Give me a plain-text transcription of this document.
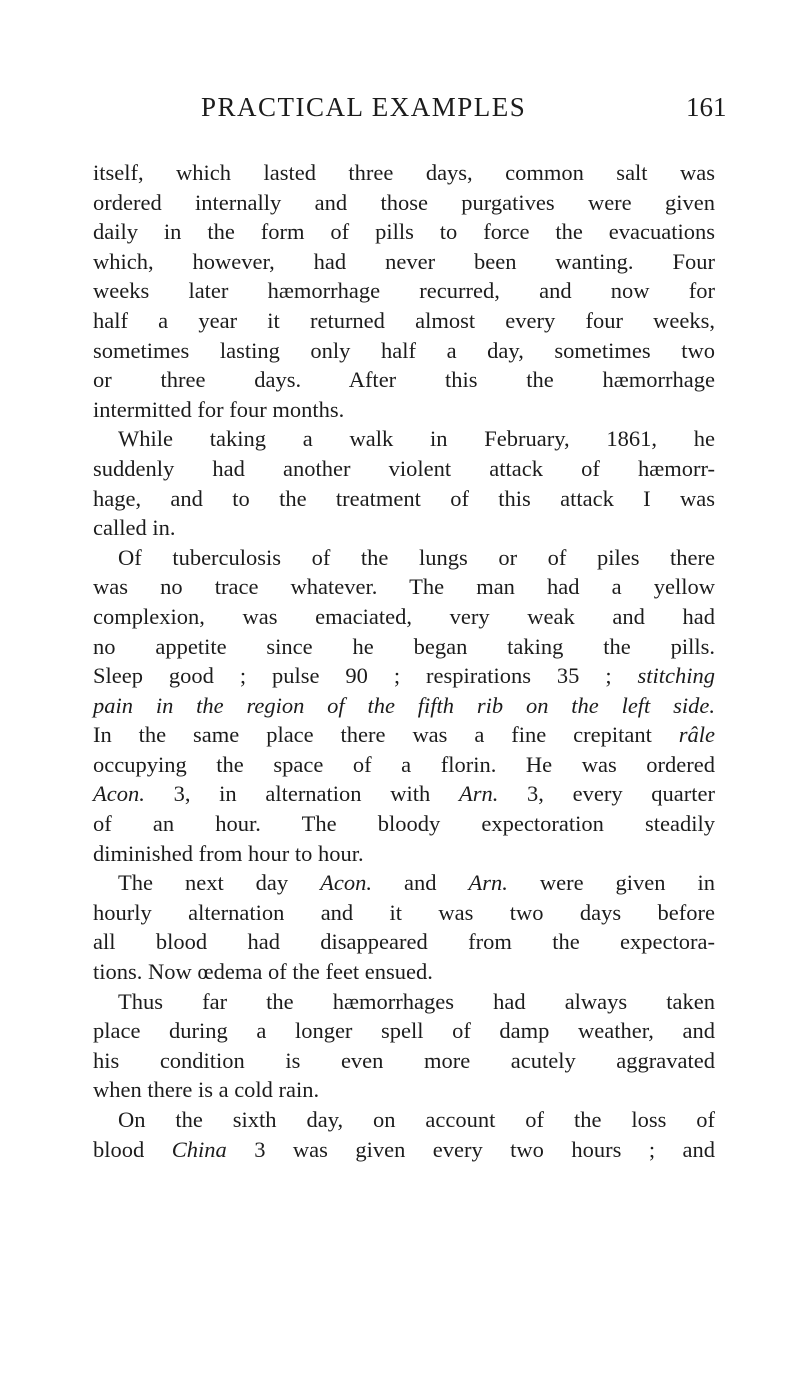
PRACTICAL EXAMPLES	161
itself, which lasted three days, common salt was
ordered internally and those purgatives were given
daily in the form of pills to force the evacuations
which, however, had never been wanting. Four
weeks later hæmorrhage recurred, and now for
half a year it returned almost every four weeks,
sometimes lasting only half a day, sometimes two
or three days. After this the hæmorrhage
intermitted for four months.
While taking a walk in February, 1861, he
suddenly had another violent attack of hæmorr-
hage, and to the treatment of this attack I was
called in.
Of tuberculosis of the lungs or of piles there
was no trace whatever. The man had a yellow
complexion, was emaciated, very weak and had
no appetite since he began taking the pills.
Sleep good ; pulse 90 ; respirations 35 ; stitching
pain in the region of the fifth rib on the left side.
In the same place there was a fine crepitant râle
occupying the space of a florin. He was ordered
Acon. 3, in alternation with Arn. 3, every quarter
of an hour. The bloody expectoration steadily
diminished from hour to hour.
The next day Acon. and Arn. were given in
hourly alternation and it was two days before
all blood had disappeared from the expectora-
tions. Now œdema of the feet ensued.
Thus far the hæmorrhages had always taken
place during a longer spell of damp weather, and
his condition is even more acutely aggravated
when there is a cold rain.
On the sixth day, on account of the loss of
blood China 3 was given every two hours ; and
